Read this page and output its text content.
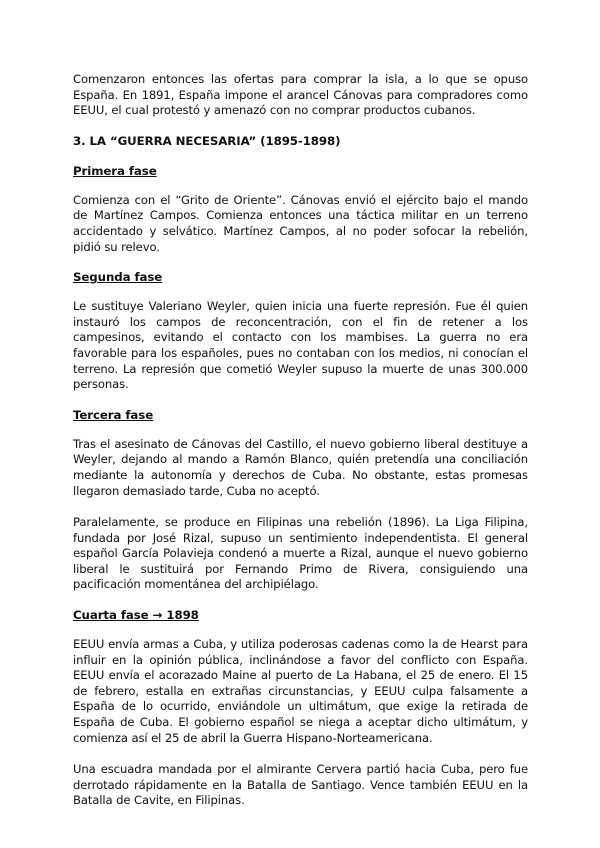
Comenzaron entonces las ofertas para comprar la isla, a lo que se opuso España. En 1891, España impone el arancel Cánovas para compradores como EEUU, el cual protestó y amenazó con no comprar productos cubanos.

3. LA “GUERRA NECESARIA” (1895-1898)
Primera fase

Comienza con el “Grito de Oriente”. Cánovas envió el ejército bajo el mando de Martínez Campos. Comienza entonces una táctica militar en un terreno accidentado y selvático. Martínez Campos, al no poder sofocar la rebelión, pidió su relevo.

Segunda fase

Le sustituye Valeriano Weyler, quien inicia una fuerte represión. Fue él quien instauró los campos de reconcentración, con el fin de retener a los campesinos, evitando el contacto con los mambises. La guerra no era favorable para los españoles, pues no contaban con los medios, ni conocían el terreno. La represión que cometió Weyler supuso la muerte de unas 300.000 personas.

Tercera fase

Tras el asesinato de Cánovas del Castillo, el nuevo gobierno liberal destituye a Weyler, dejando al mando a Ramón Blanco, quién pretendía una conciliación mediante la autonomía y derechos de Cuba. No obstante, estas promesas llegaron demasiado tarde, Cuba no aceptó.

Paralelamente, se produce en Filipinas una rebelión (1896). La Liga Filipina, fundada por José Rizal, supuso un sentimiento independentista. El general español García Polavieja condenó a muerte a Rizal, aunque el nuevo gobierno liberal le sustituirá por Fernando Primo de Rivera, consiguiendo una pacificación momentánea del archipiélago.

Cuarta fase → 1898

EEUU envía armas a Cuba, y utiliza poderosas cadenas como la de Hearst para influir en la opinión pública, inclinándose a favor del conflicto con España. EEUU envía el acorazado Maine al puerto de La Habana, el 25 de enero. El 15 de febrero, estalla en extrañas circunstancias, y EEUU culpa falsamente a España de lo ocurrido, enviándole un ultimátum, que exige la retirada de España de Cuba. El gobierno español se niega a aceptar dicho ultimátum, y comienza así el 25 de abril la Guerra Hispano-Norteamericana.

Una escuadra mandada por el almirante Cervera partió hacia Cuba, pero fue derrotado rápidamente en la Batalla de Santiago. Vence también EEUU en la Batalla de Cavite, en Filipinas.
